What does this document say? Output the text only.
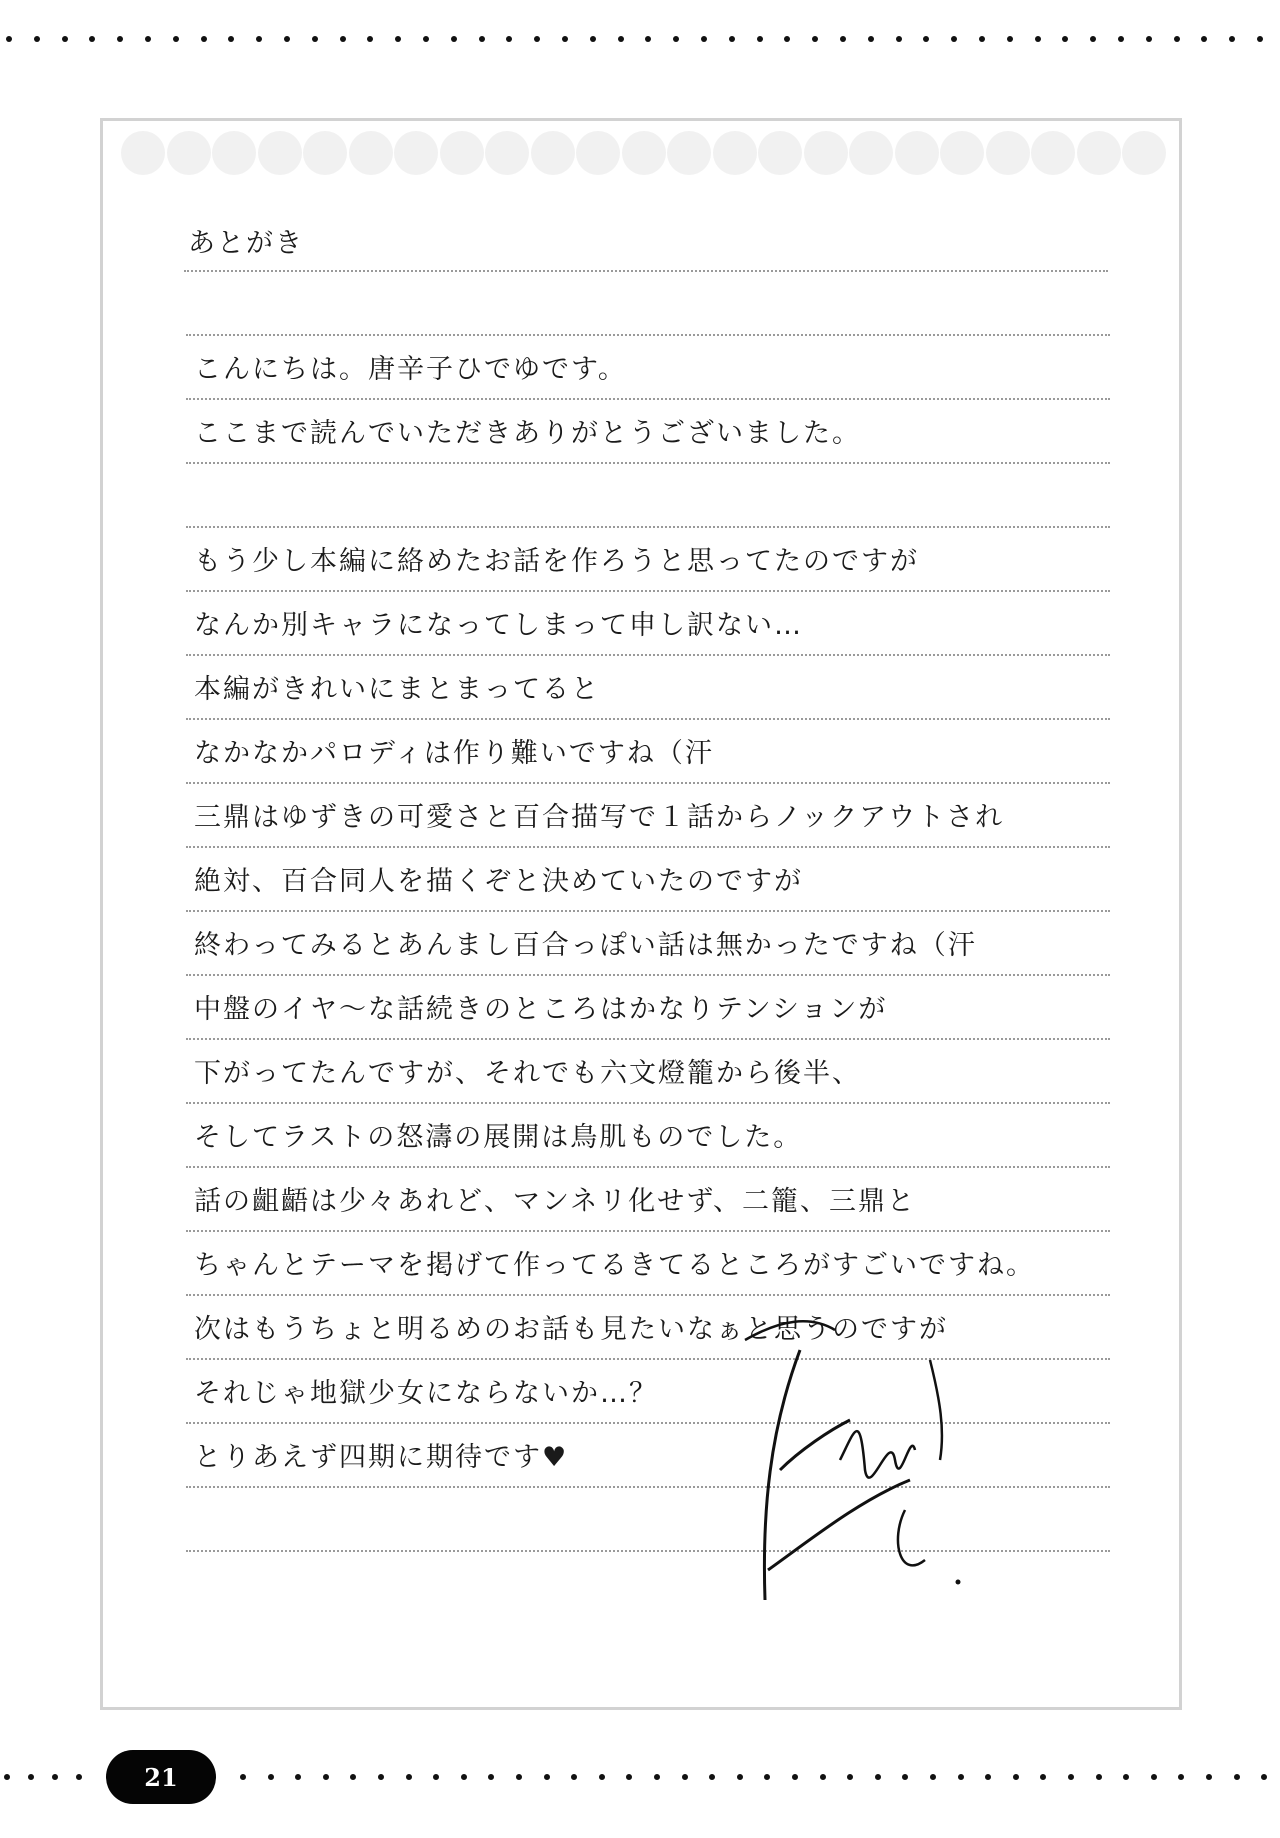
あとがき
こんにちは。唐辛子ひでゆです。
ここまで読んでいただきありがとうございました。
もう少し本編に絡めたお話を作ろうと思ってたのですが
なんか別キャラになってしまって申し訳ない…
本編がきれいにまとまってると
なかなかパロディは作り難いですね（汗
三鼎はゆずきの可愛さと百合描写で１話からノックアウトされ
絶対、百合同人を描くぞと決めていたのですが
終わってみるとあんまし百合っぽい話は無かったですね（汗
中盤のイヤ〜な話続きのところはかなりテンションが
下がってたんですが、それでも六文燈籠から後半、
そしてラストの怒濤の展開は鳥肌ものでした。
話の齟齬は少々あれど、マンネリ化せず、二籠、三鼎と
ちゃんとテーマを掲げて作ってるきてるところがすごいですね。
次はもうちょと明るめのお話も見たいなぁと思うのですが
それじゃ地獄少女にならないか…？
とりあえず四期に期待です♥
21
